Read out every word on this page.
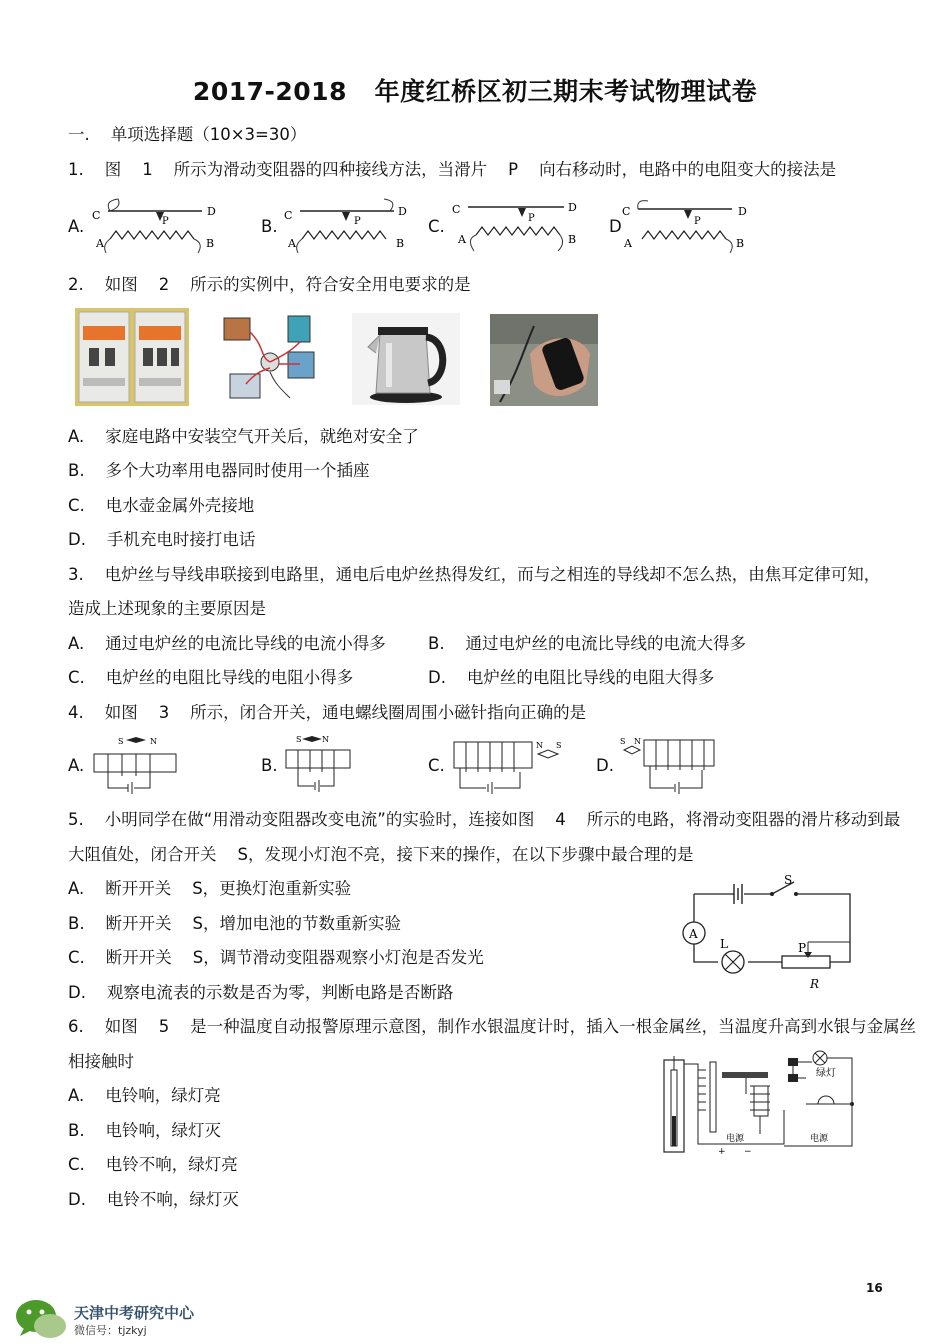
2017-2018   年度红桥区初三期末考试物理试卷
一.    单项选择题（10×3=30）
1.    图    1    所示为滑动变阻器的四种接线方法，当滑片    P    向右移动时，电路中的电阻变大的接法是
A.	B.	C.	D
C	D
A	B
P	C	D
A	B
P
C	D
A	B
P
C	D
A	B
P
2.    如图    2    所示的实例中，符合安全用电要求的是
A.    家庭电路中安装空气开关后，就绝对安全了
B.    多个大功率用电器同时使用一个插座
C.    电水壶金属外壳接地
D.    手机充电时接打电话
3.    电炉丝与导线串联接到电路里，通电后电炉丝热得发红，而与之相连的导线却不怎么热，由焦耳定律可知，
造成上述现象的主要原因是
A.    通过电炉丝的电流比导线的电流小得多	B.    通过电炉丝的电流比导线的电流大得多
C.    电炉丝的电阻比导线的电阻小得多	D.    电炉丝的电阻比导线的电阻大得多
4.    如图    3    所示，闭合开关，通电螺线圈周围小磁针指向正确的是
A.	B.	C.	D.
S	N	S	N
N S	S N
5.    小明同学在做“用滑动变阻器改变电流”的实验时，连接如图    4    所示的电路，将滑动变阻器的滑片移动到最
大阻值处，闭合开关    S，发现小灯泡不亮，接下来的操作，在以下步骤中最合理的是
A.    断开开关    S，更换灯泡重新实验
B.    断开开关    S，增加电池的节数重新实验
C.    断开开关    S，调节滑动变阻器观察小灯泡是否发光
D.    观察电流表的示数是否为零，判断电路是否断路
S
A
L	P
R
6.    如图    5    是一种温度自动报警原理示意图，制作水银温度计时，插入一根金属丝，当温度升高到水银与金属丝
相接触时
A.    电铃响，绿灯亮
B.    电铃响，绿灯灭
C.    电铃不响，绿灯亮
D.    电铃不响，绿灯灭
绿灯
电源	电源
+ −
16
天津中考研究中心
微信号：tjzkyj
